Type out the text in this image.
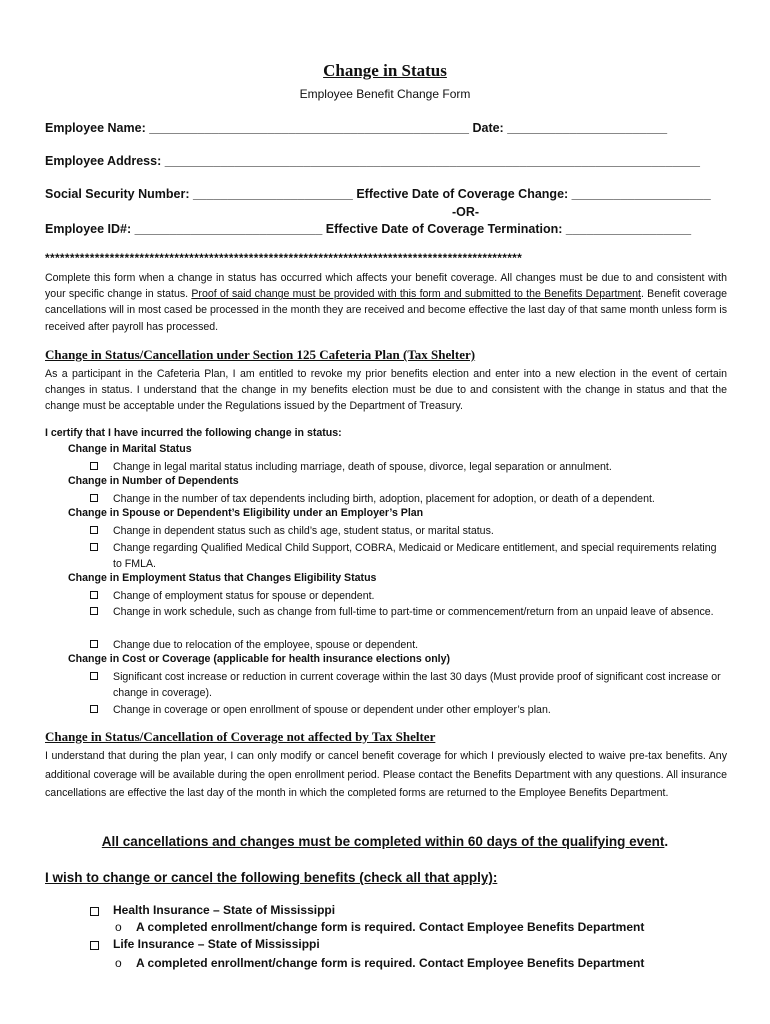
Change in Status
Employee Benefit Change Form
Employee Name: ______________________________________________ Date: _______________________
Employee Address: _____________________________________________________________________________
Social Security Number: _______________________ Effective Date of Coverage Change: ____________________
-OR-
Employee ID#: ___________________________ Effective Date of Coverage Termination: __________________
************************************************************************************************
Complete this form when a change in status has occurred which affects your benefit coverage. All changes must be due to and consistent with your specific change in status. Proof of said change must be provided with this form and submitted to the Benefits Department. Benefit coverage cancellations will in most cased be processed in the month they are received and become effective the last day of that same month unless form is received after payroll has processed.
Change in Status/Cancellation under Section 125 Cafeteria Plan (Tax Shelter)
As a participant in the Cafeteria Plan, I am entitled to revoke my prior benefits election and enter into a new election in the event of certain changes in status. I understand that the change in my benefits election must be due to and consistent with the change in status and that the change must be acceptable under the Regulations issued by the Department of Treasury.
I certify that I have incurred the following change in status:
Change in Marital Status
Change in legal marital status including marriage, death of spouse, divorce, legal separation or annulment.
Change in Number of Dependents
Change in the number of tax dependents including birth, adoption, placement for adoption, or death of a dependent.
Change in Spouse or Dependent’s Eligibility under an Employer’s Plan
Change in dependent status such as child’s age, student status, or marital status.
Change regarding Qualified Medical Child Support, COBRA, Medicaid or Medicare entitlement, and special requirements relating to FMLA.
Change in Employment Status that Changes Eligibility Status
Change of employment status for spouse or dependent.
Change in work schedule, such as change from full-time to part-time or commencement/return from an unpaid leave of absence.
Change due to relocation of the employee, spouse or dependent.
Change in Cost or Coverage (applicable for health insurance elections only)
Significant cost increase or reduction in current coverage within the last 30 days (Must provide proof of significant cost increase or change in coverage).
Change in coverage or open enrollment of spouse or dependent under other employer’s plan.
Change in Status/Cancellation of Coverage not affected by Tax Shelter
I understand that during the plan year, I can only modify or cancel benefit coverage for which I previously elected to waive pre-tax benefits. Any additional coverage will be available during the open enrollment period. Please contact the Benefits Department with any questions. All insurance cancellations are effective the last day of the month in which the completed forms are returned to the Employee Benefits Department.
All cancellations and changes must be completed within 60 days of the qualifying event.
I wish to change or cancel the following benefits (check all that apply):
Health Insurance – State of Mississippi
o A completed enrollment/change form is required. Contact Employee Benefits Department
Life Insurance – State of Mississippi
o A completed enrollment/change form is required. Contact Employee Benefits Department
